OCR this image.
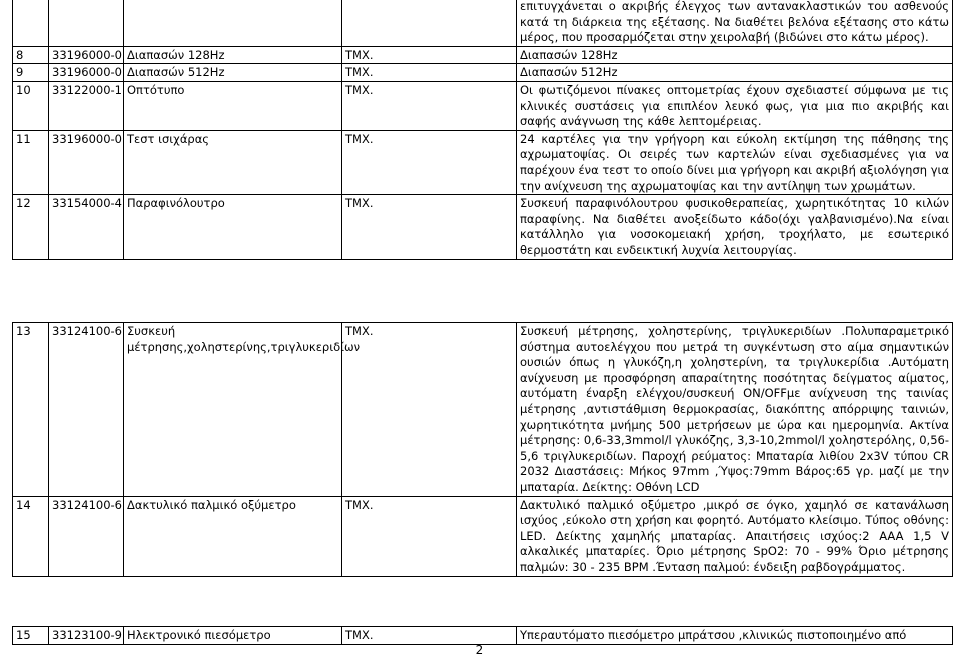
				επιτυγχάνεται ο ακριβής έλεγχος των αντανακλαστικών του ασθενούς κατά τη διάρκεια της εξέτασης. Να διαθέτει βελόνα εξέτασης στο κάτω μέρος, που προσαρμόζεται στην χειρολαβή (βιδώνει στο κάτω μέρος).
8	33196000-0	Διαπασών 128Hz	TMX.	Διαπασών 128Hz
9	33196000-0	Διαπασών 512Hz	TMX.	Διαπασών 512Hz
10	33122000-1	Οπτότυπο	TMX.	Οι φωτιζόμενοι πίνακες οπτομετρίας έχουν σχεδιαστεί σύμφωνα με τις κλινικές συστάσεις για επιπλέον λευκό φως, για μια πιο ακριβής και σαφής ανάγνωση της κάθε λεπτομέρειας.
11	33196000-0	Τεστ ισιχάρας	TMX.	24 καρτέλες για την γρήγορη και εύκολη εκτίμηση της πάθησης της αχρωματοψίας. Οι σειρές των καρτελών είναι σχεδιασμένες για να παρέχουν ένα τεστ το οποίο δίνει μια γρήγορη και ακριβή αξιολόγηση για την ανίχνευση της αχρωματοψίας και την αντίληψη των χρωμάτων.
12	33154000-4	Παραφινόλουτρο	TMX.	Συσκευή παραφινόλουτρου φυσικοθεραπείας, χωρητικότητας 10 κιλών παραφίνης. Να διαθέτει ανοξείδωτο κάδο(όχι γαλβανισμένο).Να είναι κατάλληλο για νοσοκομειακή χρήση, τροχήλατο, με εσωτερικό θερμοστάτη και ενδεικτική λυχνία λειτουργίας.
13	33124100-6	Συσκευή μέτρησης,χοληστερίνης,τριγλυκεριδίων	TMX.	Συσκευή μέτρησης, χοληστερίνης, τριγλυκεριδίων .Πολυπαραμετρικό σύστημα αυτοελέγχου που μετρά τη συγκέντωση στο αίμα σημαντικών ουσιών όπως η γλυκόζη,η χοληστερίνη, τα τριγλυκερίδια .Αυτόματη ανίχνευση με προσφόρηση απαραίτητης ποσότητας δείγματος αίματος, αυτόματη έναρξη ελέγχου/συσκευή ON/OFFμε ανίχνευση της ταινίας μέτρησης ,αντιστάθμιση θερμοκρασίας, διακόπτης απόρριψης ταινιών, χωρητικότητα μνήμης 500 μετρήσεων με ώρα και ημερομηνία. Ακτίνα μέτρησης: 0,6-33,3mmol/l γλυκόζης, 3,3-10,2mmol/l χοληστερόλης, 0,56-5,6 τριγλυκεριδίων. Παροχή ρεύματος: Μπαταρία λιθίου 2x3V τύπου CR 2032 Διαστάσεις: Μήκος 97mm ,Ύψος:79mm Βάρος:65 γρ. μαζί με την μπαταρία. Δείκτης: Οθόνη LCD
14	33124100-6	Δακτυλικό παλμικό οξύμετρο	TMX.	Δακτυλικό παλμικό οξύμετρο ,μικρό σε όγκο, χαμηλό σε κατανάλωση ισχύος ,εύκολο στη χρήση και φορητό. Αυτόματο κλείσιμο. Τύπος οθόνης: LED. Δείκτης χαμηλής μπαταρίας. Απαιτήσεις ισχύος:2 AAA 1,5 V αλκαλικές μπαταρίες. Όριο μέτρησης SpO2: 70 - 99% Όριο μέτρησης παλμών: 30 - 235 BPM .Ένταση παλμού: ένδειξη ραβδογράμματος.
15	33123100-9	Ηλεκτρονικό πιεσόμετρο	TMX.	Υπεραυτόματο πιεσόμετρο μπράτσου ,κλινικώς πιστοποιημένο από
2
